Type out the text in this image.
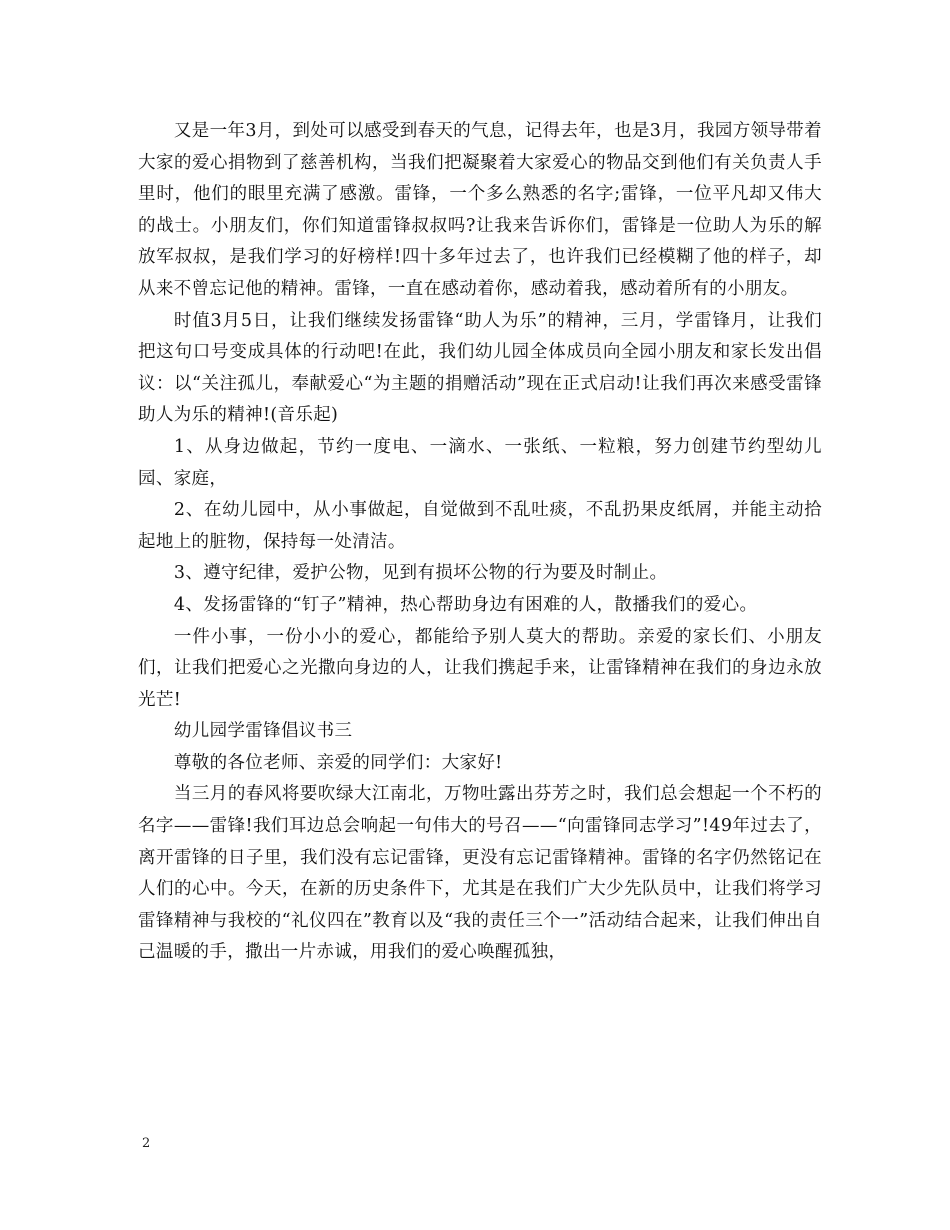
又是一年3月，到处可以感受到春天的气息，记得去年，也是3月，我园方领导带着大家的爱心捐物到了慈善机构，当我们把凝聚着大家爱心的物品交到他们有关负责人手里时，他们的眼里充满了感激。雷锋，一个多么熟悉的名字;雷锋，一位平凡却又伟大的战士。小朋友们，你们知道雷锋叔叔吗?让我来告诉你们，雷锋是一位助人为乐的解放军叔叔，是我们学习的好榜样!四十多年过去了，也许我们已经模糊了他的样子，却从来不曾忘记他的精神。雷锋，一直在感动着你，感动着我，感动着所有的小朋友。

时值3月5日，让我们继续发扬雷锋“助人为乐”的精神，三月，学雷锋月，让我们把这句口号变成具体的行动吧!在此，我们幼儿园全体成员向全园小朋友和家长发出倡议：以“关注孤儿，奉献爱心“为主题的捐赠活动”现在正式启动!让我们再次来感受雷锋助人为乐的精神!(音乐起)

1、从身边做起，节约一度电、一滴水、一张纸、一粒粮，努力创建节约型幼儿园、家庭，

2、在幼儿园中，从小事做起，自觉做到不乱吐痰，不乱扔果皮纸屑，并能主动拾起地上的脏物，保持每一处清洁。

3、遵守纪律，爱护公物，见到有损坏公物的行为要及时制止。

4、发扬雷锋的“钉子”精神，热心帮助身边有困难的人，散播我们的爱心。

一件小事，一份小小的爱心，都能给予别人莫大的帮助。亲爱的家长们、小朋友们，让我们把爱心之光撒向身边的人，让我们携起手来，让雷锋精神在我们的身边永放光芒!

幼儿园学雷锋倡议书三

尊敬的各位老师、亲爱的同学们：大家好!

当三月的春风将要吹绿大江南北，万物吐露出芬芳之时，我们总会想起一个不朽的名字——雷锋!我们耳边总会响起一句伟大的号召——“向雷锋同志学习”!49年过去了，离开雷锋的日子里，我们没有忘记雷锋，更没有忘记雷锋精神。雷锋的名字仍然铭记在人们的心中。今天，在新的历史条件下，尤其是在我们广大少先队员中，让我们将学习雷锋精神与我校的“礼仪四在”教育以及“我的责任三个一”活动结合起来，让我们伸出自己温暖的手，撒出一片赤诚，用我们的爱心唤醒孤独，

2
